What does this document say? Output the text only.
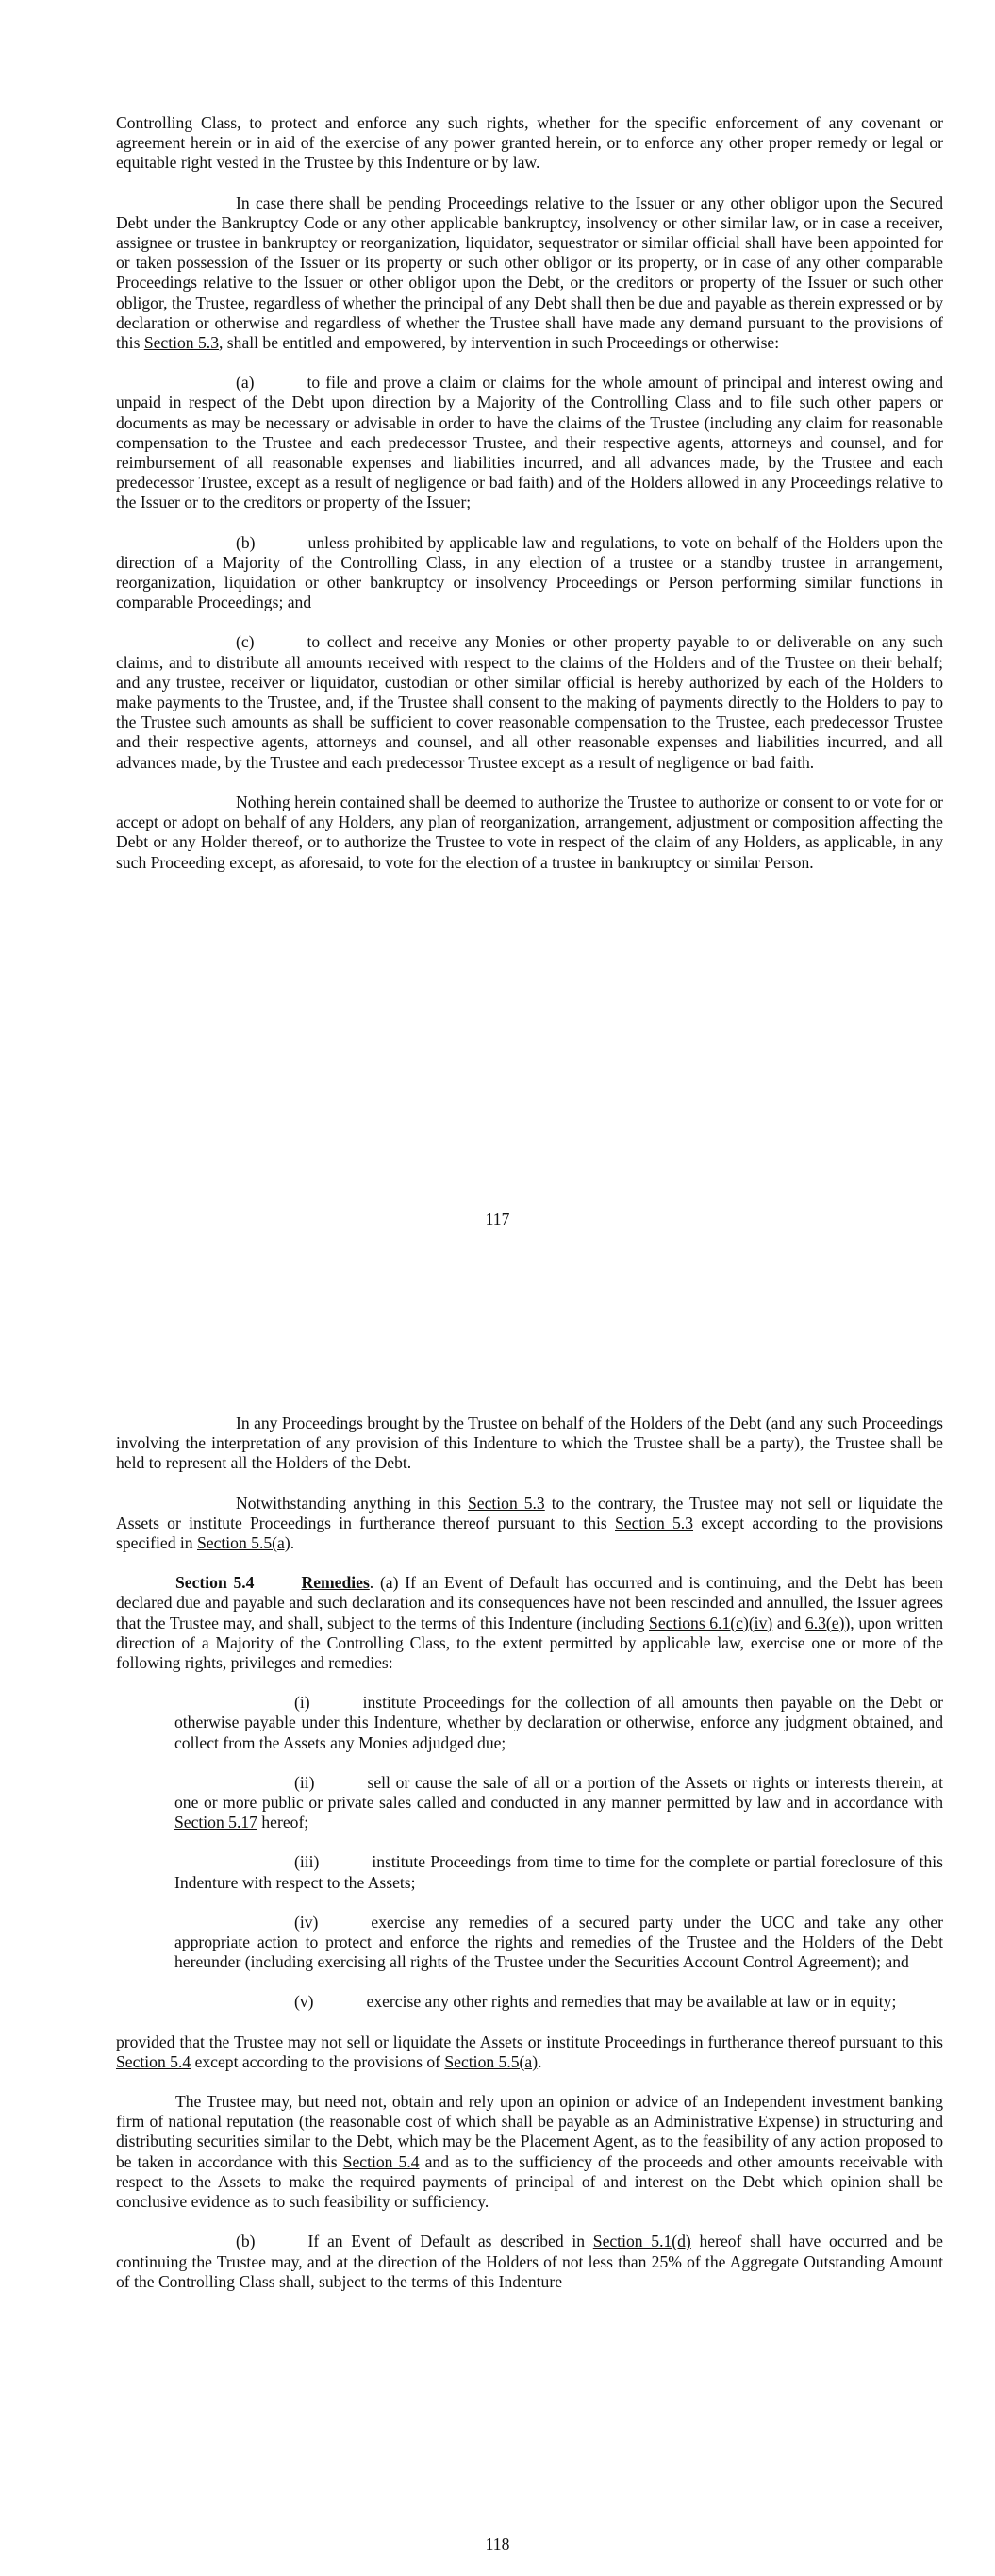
Controlling Class, to protect and enforce any such rights, whether for the specific enforcement of any covenant or agreement herein or in aid of the exercise of any power granted herein, or to enforce any other proper remedy or legal or equitable right vested in the Trustee by this Indenture or by law.

In case there shall be pending Proceedings relative to the Issuer or any other obligor upon the Secured Debt under the Bankruptcy Code or any other applicable bankruptcy, insolvency or other similar law, or in case a receiver, assignee or trustee in bankruptcy or reorganization, liquidator, sequestrator or similar official shall have been appointed for or taken possession of the Issuer or its property or such other obligor or its property, or in case of any other comparable Proceedings relative to the Issuer or other obligor upon the Debt, or the creditors or property of the Issuer or such other obligor, the Trustee, regardless of whether the principal of any Debt shall then be due and payable as therein expressed or by declaration or otherwise and regardless of whether the Trustee shall have made any demand pursuant to the provisions of this Section 5.3, shall be entitled and empowered, by intervention in such Proceedings or otherwise:

(a)	to file and prove a claim or claims for the whole amount of principal and interest owing and unpaid in respect of the Debt upon direction by a Majority of the Controlling Class and to file such other papers or documents as may be necessary or advisable in order to have the claims of the Trustee (including any claim for reasonable compensation to the Trustee and each predecessor Trustee, and their respective agents, attorneys and counsel, and for reimbursement of all reasonable expenses and liabilities incurred, and all advances made, by the Trustee and each predecessor Trustee, except as a result of negligence or bad faith) and of the Holders allowed in any Proceedings relative to the Issuer or to the creditors or property of the Issuer;

(b)	unless prohibited by applicable law and regulations, to vote on behalf of the Holders upon the direction of a Majority of the Controlling Class, in any election of a trustee or a standby trustee in arrangement, reorganization, liquidation or other bankruptcy or insolvency Proceedings or Person performing similar functions in comparable Proceedings; and

(c)	to collect and receive any Monies or other property payable to or deliverable on any such claims, and to distribute all amounts received with respect to the claims of the Holders and of the Trustee on their behalf; and any trustee, receiver or liquidator, custodian or other similar official is hereby authorized by each of the Holders to make payments to the Trustee, and, if the Trustee shall consent to the making of payments directly to the Holders to pay to the Trustee such amounts as shall be sufficient to cover reasonable compensation to the Trustee, each predecessor Trustee and their respective agents, attorneys and counsel, and all other reasonable expenses and liabilities incurred, and all advances made, by the Trustee and each predecessor Trustee except as a result of negligence or bad faith.

Nothing herein contained shall be deemed to authorize the Trustee to authorize or consent to or vote for or accept or adopt on behalf of any Holders, any plan of reorganization, arrangement, adjustment or composition affecting the Debt or any Holder thereof, or to authorize the Trustee to vote in respect of the claim of any Holders, as applicable, in any such Proceeding except, as aforesaid, to vote for the election of a trustee in bankruptcy or similar Person.

117

In any Proceedings brought by the Trustee on behalf of the Holders of the Debt (and any such Proceedings involving the interpretation of any provision of this Indenture to which the Trustee shall be a party), the Trustee shall be held to represent all the Holders of the Debt.

Notwithstanding anything in this Section 5.3 to the contrary, the Trustee may not sell or liquidate the Assets or institute Proceedings in furtherance thereof pursuant to this Section 5.3 except according to the provisions specified in Section 5.5(a).

Section 5.4	Remedies. (a) If an Event of Default has occurred and is continuing, and the Debt has been declared due and payable and such declaration and its consequences have not been rescinded and annulled, the Issuer agrees that the Trustee may, and shall, subject to the terms of this Indenture (including Sections 6.1(c)(iv) and 6.3(e)), upon written direction of a Majority of the Controlling Class, to the extent permitted by applicable law, exercise one or more of the following rights, privileges and remedies:

(i)	institute Proceedings for the collection of all amounts then payable on the Debt or otherwise payable under this Indenture, whether by declaration or otherwise, enforce any judgment obtained, and collect from the Assets any Monies adjudged due;

(ii)	sell or cause the sale of all or a portion of the Assets or rights or interests therein, at one or more public or private sales called and conducted in any manner permitted by law and in accordance with Section 5.17 hereof;

(iii)	institute Proceedings from time to time for the complete or partial foreclosure of this Indenture with respect to the Assets;

(iv)	exercise any remedies of a secured party under the UCC and take any other appropriate action to protect and enforce the rights and remedies of the Trustee and the Holders of the Debt hereunder (including exercising all rights of the Trustee under the Securities Account Control Agreement); and

(v)	exercise any other rights and remedies that may be available at law or in equity;

provided that the Trustee may not sell or liquidate the Assets or institute Proceedings in furtherance thereof pursuant to this Section 5.4 except according to the provisions of Section 5.5(a).

The Trustee may, but need not, obtain and rely upon an opinion or advice of an Independent investment banking firm of national reputation (the reasonable cost of which shall be payable as an Administrative Expense) in structuring and distributing securities similar to the Debt, which may be the Placement Agent, as to the feasibility of any action proposed to be taken in accordance with this Section 5.4 and as to the sufficiency of the proceeds and other amounts receivable with respect to the Assets to make the required payments of principal of and interest on the Debt which opinion shall be conclusive evidence as to such feasibility or sufficiency.

(b)	If an Event of Default as described in Section 5.1(d) hereof shall have occurred and be continuing the Trustee may, and at the direction of the Holders of not less than 25% of the Aggregate Outstanding Amount of the Controlling Class shall, subject to the terms of this Indenture

118
